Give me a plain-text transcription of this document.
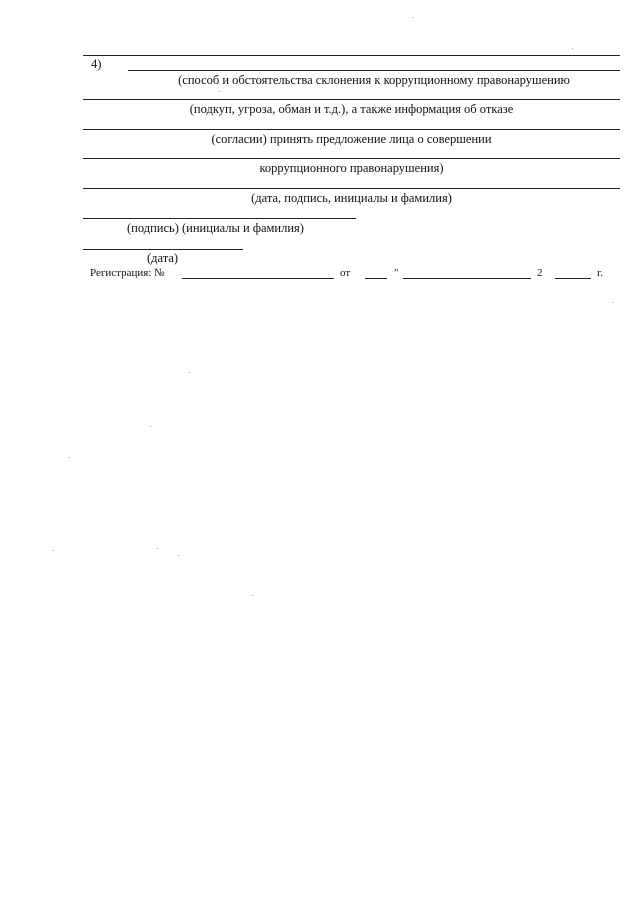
4)
(способ и обстоятельства склонения к коррупционному правонарушению
(подкуп, угроза, обман и т.д.), а также информация об отказе
(согласии) принять предложение лица о совершении
коррупционного правонарушения)
(дата, подпись, инициалы и фамилия)
(подпись) (инициалы и фамилия)
(дата)
Регистрация: №	от	"	2	г.
